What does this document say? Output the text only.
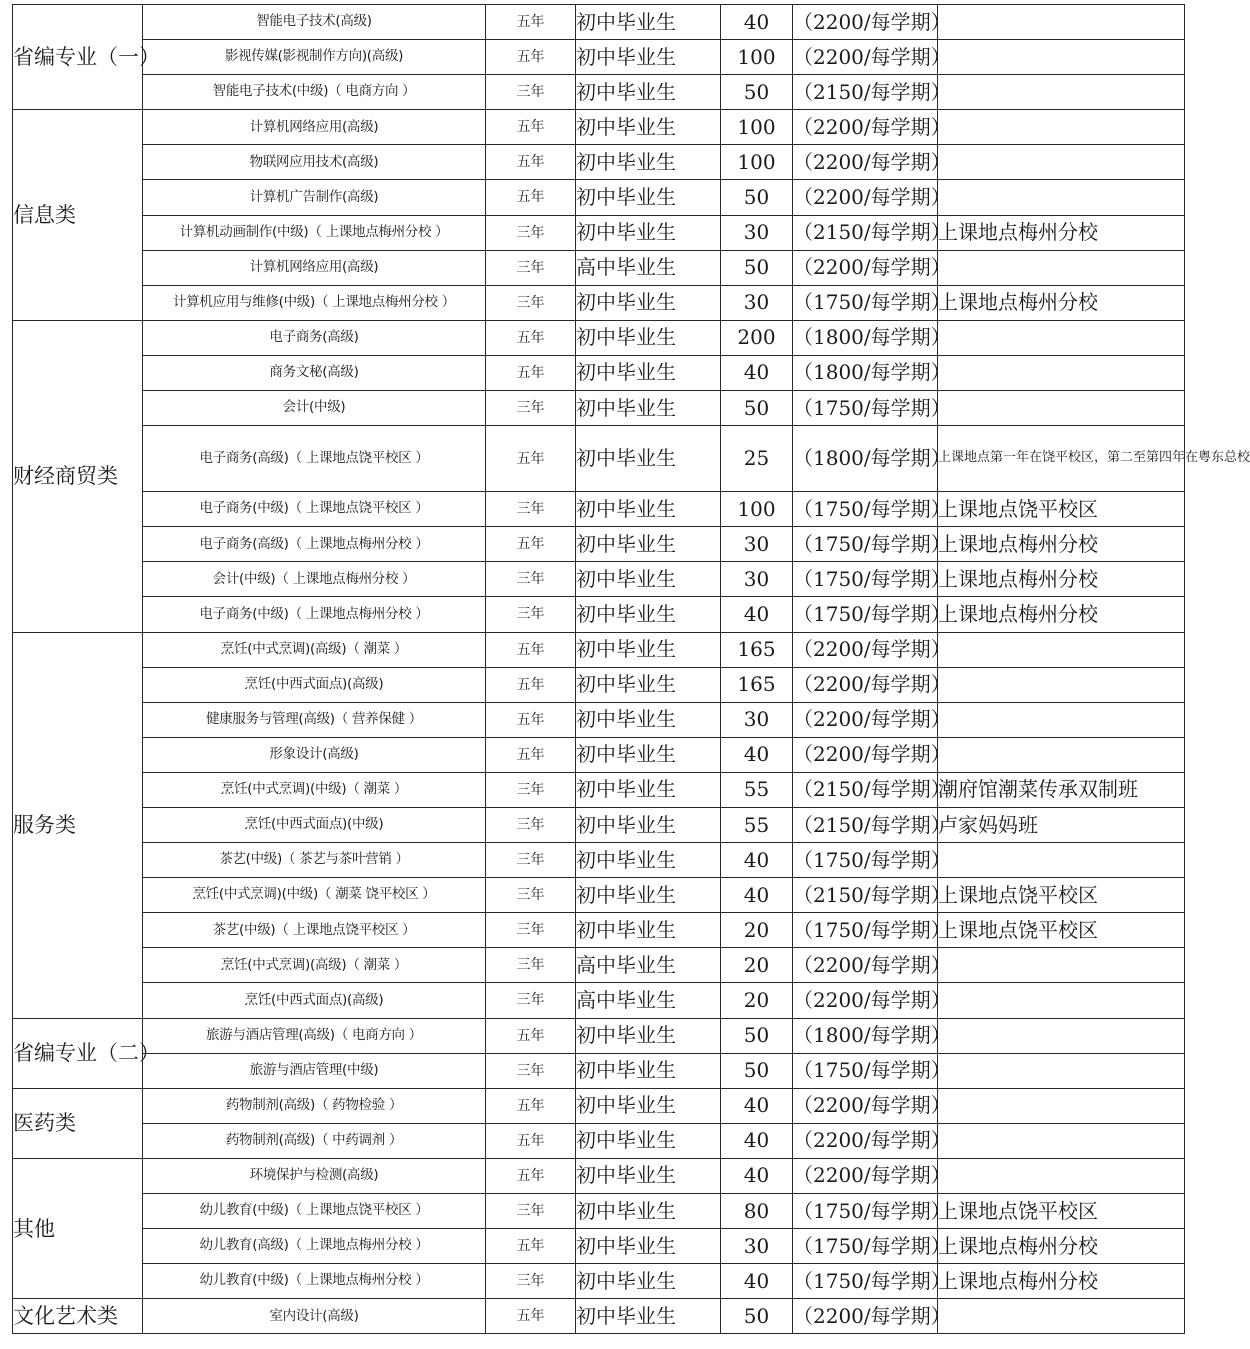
省编专业（一）	智能电子技术(高级)	五年	初中毕业生	40	（2200/每学期）	
	影视传媒(影视制作方向)(高级)	五年	初中毕业生	100	（2200/每学期）	
	智能电子技术(中级)（ 电商方向 ）	三年	初中毕业生	50	（2150/每学期）	
信息类	计算机网络应用(高级)	五年	初中毕业生	100	（2200/每学期）	
	物联网应用技术(高级)	五年	初中毕业生	100	（2200/每学期）	
	计算机广告制作(高级)	五年	初中毕业生	50	（2200/每学期）	
	计算机动画制作(中级)（ 上课地点梅州分校 ）	三年	初中毕业生	30	（2150/每学期）	上课地点梅州分校
	计算机网络应用(高级)	三年	高中毕业生	50	（2200/每学期）	
	计算机应用与维修(中级)（ 上课地点梅州分校 ）	三年	初中毕业生	30	（1750/每学期）	上课地点梅州分校
财经商贸类	电子商务(高级)	五年	初中毕业生	200	（1800/每学期）	
	商务文秘(高级)	五年	初中毕业生	40	（1800/每学期）	
	会计(中级)	三年	初中毕业生	50	（1750/每学期）	
	电子商务(高级)（ 上课地点饶平校区 ）	五年	初中毕业生	25	（1800/每学期）	上课地点第一年在饶平校区，第二至第四年在粤东总校
	电子商务(中级)（ 上课地点饶平校区 ）	三年	初中毕业生	100	（1750/每学期）	上课地点饶平校区
	电子商务(高级)（ 上课地点梅州分校 ）	五年	初中毕业生	30	（1750/每学期）	上课地点梅州分校
	会计(中级)（ 上课地点梅州分校 ）	三年	初中毕业生	30	（1750/每学期）	上课地点梅州分校
	电子商务(中级)（ 上课地点梅州分校 ）	三年	初中毕业生	40	（1750/每学期）	上课地点梅州分校
服务类	烹饪(中式烹调)(高级)（ 潮菜 ）	五年	初中毕业生	165	（2200/每学期）	
	烹饪(中西式面点)(高级)	五年	初中毕业生	165	（2200/每学期）	
	健康服务与管理(高级)（ 营养保健 ）	五年	初中毕业生	30	（2200/每学期）	
	形象设计(高级)	五年	初中毕业生	40	（2200/每学期）	
	烹饪(中式烹调)(中级)（ 潮菜 ）	三年	初中毕业生	55	（2150/每学期）	潮府馆潮菜传承双制班
	烹饪(中西式面点)(中级)	三年	初中毕业生	55	（2150/每学期）	卢家妈妈班
	茶艺(中级)（ 茶艺与茶叶营销 ）	三年	初中毕业生	40	（1750/每学期）	
	烹饪(中式烹调)(中级)（ 潮菜 饶平校区 ）	三年	初中毕业生	40	（2150/每学期）	上课地点饶平校区
	茶艺(中级)（ 上课地点饶平校区 ）	三年	初中毕业生	20	（1750/每学期）	上课地点饶平校区
	烹饪(中式烹调)(高级)（ 潮菜 ）	三年	高中毕业生	20	（2200/每学期）	
	烹饪(中西式面点)(高级)	三年	高中毕业生	20	（2200/每学期）	
省编专业（二）	旅游与酒店管理(高级)（ 电商方向 ）	五年	初中毕业生	50	（1800/每学期）	
	旅游与酒店管理(中级)	三年	初中毕业生	50	（1750/每学期）	
医药类	药物制剂(高级)（ 药物检验 ）	五年	初中毕业生	40	（2200/每学期）	
	药物制剂(高级)（ 中药调剂 ）	五年	初中毕业生	40	（2200/每学期）	
其他	环境保护与检测(高级)	五年	初中毕业生	40	（2200/每学期）	
	幼儿教育(中级)（ 上课地点饶平校区 ）	三年	初中毕业生	80	（1750/每学期）	上课地点饶平校区
	幼儿教育(高级)（ 上课地点梅州分校 ）	五年	初中毕业生	30	（1750/每学期）	上课地点梅州分校
	幼儿教育(中级)（ 上课地点梅州分校 ）	三年	初中毕业生	40	（1750/每学期）	上课地点梅州分校
文化艺术类	室内设计(高级)	五年	初中毕业生	50	（2200/每学期）	
